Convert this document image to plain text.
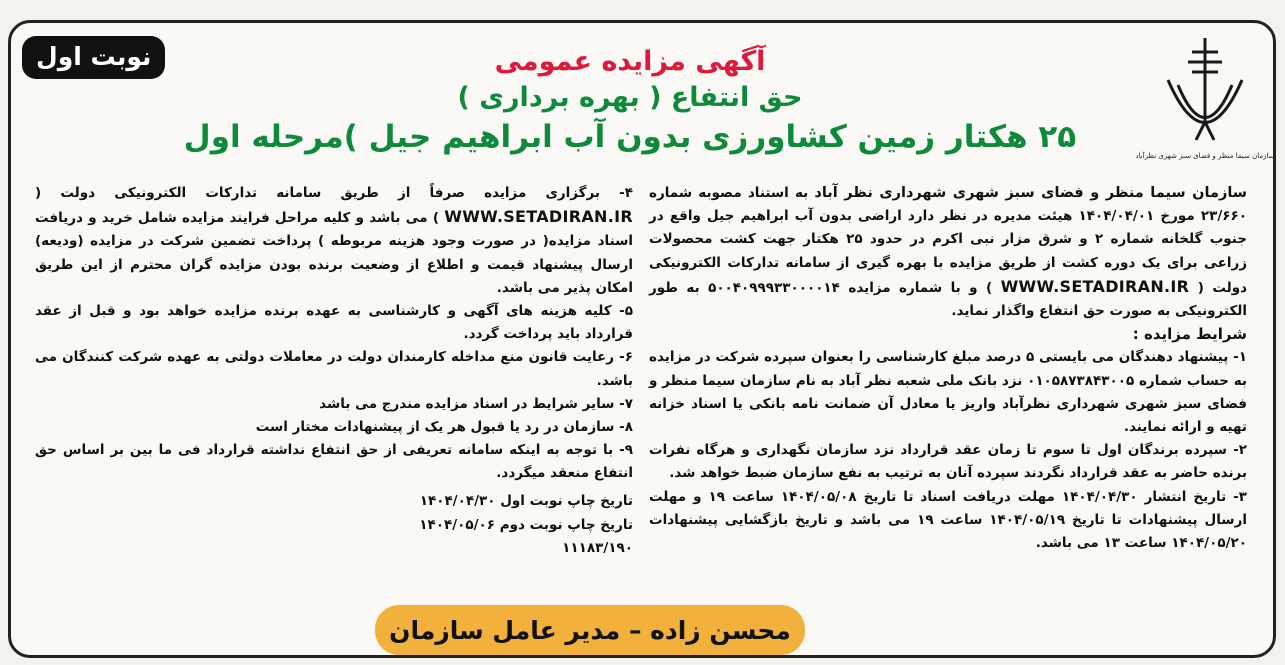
نوبت اول
سازمان سیما منظر و فضای سبز شهری نظرآباد
آگهی مزایده عمومی
حق انتفاع ( بهره برداری )
۲۵ هکتار زمین کشاورزی بدون آب ابراهیم جیل )مرحله اول
سازمان سیما منظر و فضای سبز شهری شهرداری نظر آباد به استناد مصوبه شماره ۲۳/۶۶۰ مورخ ۱۴۰۴/۰۴/۰۱ هیئت مدیره در نظر دارد اراضی بدون آب ابراهیم جیل واقع در جنوب گلخانه شماره ۲ و شرق مزار نبی اکرم در حدود ۲۵ هکتار جهت کشت محصولات زراعی برای یک دوره کشت از طریق مزایده با بهره گیری از سامانه تدارکات الکترونیکی دولت ( WWW.SETADIRAN.IR ) و با شماره مزایده ۵۰۰۴۰۹۹۹۳۳۰۰۰۰۱۴ به طور الکترونیکی به صورت حق انتفاع واگذار نماید.
شرایط مزایده :
۱- پیشنهاد دهندگان می بایستی ۵ درصد مبلغ کارشناسی را بعنوان سپرده شرکت در مزایده به حساب شماره ۰۱۰۵۸۷۳۸۴۳۰۰۵ نزد بانک ملی شعبه نظر آباد به نام سازمان سیما منظر و فضای سبز شهری شهرداری نظرآباد واریز یا معادل آن ضمانت نامه بانکی یا اسناد خزانه تهیه و ارائه نمایند.
۲- سپرده برندگان اول تا سوم تا زمان عقد قرارداد نزد سازمان نگهداری و هرگاه نفرات برنده حاضر به عقد قرارداد نگردند سپرده آنان به ترتیب به نفع سازمان ضبط خواهد شد.
۳- تاریخ انتشار ۱۴۰۴/۰۴/۳۰ مهلت دریافت اسناد تا تاریخ ۱۴۰۴/۰۵/۰۸ ساعت ۱۹ و مهلت ارسال پیشنهادات تا تاریخ ۱۴۰۴/۰۵/۱۹ ساعت ۱۹ می باشد و تاریخ بازگشایی پیشنهادات ۱۴۰۴/۰۵/۲۰ ساعت ۱۳ می باشد.
۴- برگزاری مزایده صرفاً از طریق سامانه تدارکات الکترونیکی دولت ( WWW.SETADIRAN.IR ) می باشد و کلیه مراحل فرایند مزایده شامل خرید و دریافت اسناد مزایده( در صورت وجود هزینه مربوطه ) پرداخت تضمین شرکت در مزایده (ودیعه) ارسال پیشنهاد قیمت و اطلاع از وضعیت برنده بودن مزایده گران محترم از این طریق امکان پذیر می باشد.
۵- کلیه هزینه های آگهی و کارشناسی به عهده برنده مزایده خواهد بود و قبل از عقد قرارداد باید پرداخت گردد.
۶- رعایت قانون منع مداخله کارمندان دولت در معاملات دولتی به عهده شرکت کنندگان می باشد.
۷- سایر شرایط در اسناد مزایده مندرج می باشد
۸- سازمان در رد یا قبول هر یک از پیشنهادات مختار است
۹- با توجه به اینکه سامانه تعریفی از حق انتفاع نداشته قرارداد فی ما بین بر اساس حق انتفاع منعقد میگردد.
تاریخ چاپ نوبت اول ۱۴۰۴/۰۴/۳۰
تاریخ چاپ نوبت دوم ۱۴۰۴/۰۵/۰۶
۱۱۱۸۳/۱۹۰
محسن زاده – مدیر عامل سازمان
